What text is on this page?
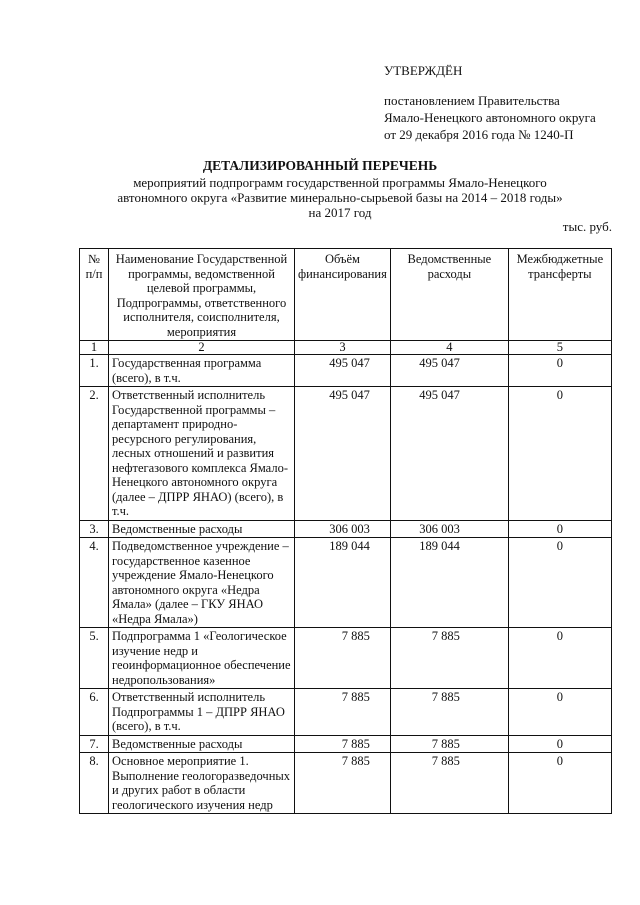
УТВЕРЖДЁН
постановлением Правительства
Ямало-Ненецкого автономного округа
от 29 декабря 2016 года № 1240-П
ДЕТАЛИЗИРОВАННЫЙ ПЕРЕЧЕНЬ
мероприятий подпрограмм государственной программы Ямало-Ненецкого
автономного округа «Развитие минерально-сырьевой базы на 2014 – 2018 годы»
на 2017 год
тыс. руб.
№ п/п	Наименование Государственной программы, ведомственной целевой программы, Подпрограммы, ответственного исполнителя, соисполнителя, мероприятия	Объём финансирования	Ведомственные расходы	Межбюджетные трансферты
1	2	3	4	5
1.	Государственная программа (всего), в т.ч.	495 047	495 047	0
2.	Ответственный исполнитель Государственной программы – департамент природно-ресурсного регулирования, лесных отношений и развития нефтегазового комплекса Ямало-Ненецкого автономного округа (далее – ДПРР ЯНАО) (всего), в т.ч.	495 047	495 047	0
3.	Ведомственные расходы	306 003	306 003	0
4.	Подведомственное учреждение – государственное казенное учреждение Ямало-Ненецкого автономного округа «Недра Ямала» (далее – ГКУ ЯНАО «Недра Ямала»)	189 044	189 044	0
5.	Подпрограмма 1 «Геологическое изучение недр и геоинформационное обеспечение недропользования»	7 885	7 885	0
6.	Ответственный исполнитель Подпрограммы 1 – ДПРР ЯНАО (всего), в т.ч.	7 885	7 885	0
7.	Ведомственные расходы	7 885	7 885	0
8.	Основное мероприятие 1. Выполнение геологоразведочных и других работ в области геологического изучения недр	7 885	7 885	0
